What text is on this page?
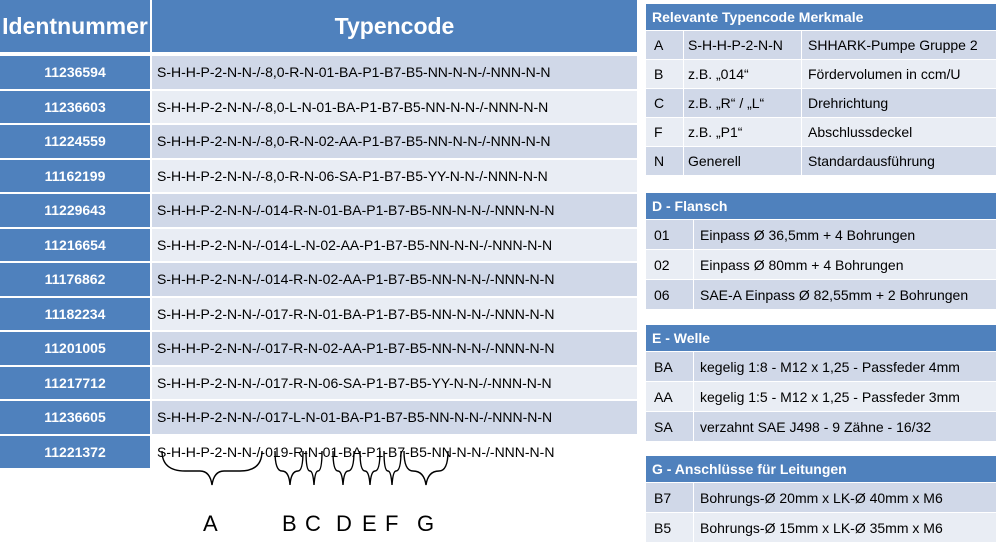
Identnummer	Typencode
11236594	S-H-H-P-2-N-N-/-8,0-R-N-01-BA-P1-B7-B5-NN-N-N-/-NNN-N-N
11236603	S-H-H-P-2-N-N-/-8,0-L-N-01-BA-P1-B7-B5-NN-N-N-/-NNN-N-N
11224559	S-H-H-P-2-N-N-/-8,0-R-N-02-AA-P1-B7-B5-NN-N-N-/-NNN-N-N
11162199	S-H-H-P-2-N-N-/-8,0-R-N-06-SA-P1-B7-B5-YY-N-N-/-NNN-N-N
11229643	S-H-H-P-2-N-N-/-014-R-N-01-BA-P1-B7-B5-NN-N-N-/-NNN-N-N
11216654	S-H-H-P-2-N-N-/-014-L-N-02-AA-P1-B7-B5-NN-N-N-/-NNN-N-N
11176862	S-H-H-P-2-N-N-/-014-R-N-02-AA-P1-B7-B5-NN-N-N-/-NNN-N-N
11182234	S-H-H-P-2-N-N-/-017-R-N-01-BA-P1-B7-B5-NN-N-N-/-NNN-N-N
11201005	S-H-H-P-2-N-N-/-017-R-N-02-AA-P1-B7-B5-NN-N-N-/-NNN-N-N
11217712	S-H-H-P-2-N-N-/-017-R-N-06-SA-P1-B7-B5-YY-N-N-/-NNN-N-N
11236605	S-H-H-P-2-N-N-/-017-L-N-01-BA-P1-B7-B5-NN-N-N-/-NNN-N-N
11221372	S-H-H-P-2-N-N-/-019-R-N-01-BA-P1-B7-B5-NN-N-N-/-NNN-N-N
A	B C D E F G
Relevante Typencode Merkmale
A	S-H-H-P-2-N-N	SHHARK-Pumpe Gruppe 2
B	z.B. „014“	Fördervolumen in ccm/U
C	z.B. „R“ / „L“	Drehrichtung
F	z.B. „P1“	Abschlussdeckel
N	Generell	Standardausführung
D - Flansch
01	Einpass Ø 36,5mm + 4 Bohrungen
02	Einpass Ø 80mm + 4 Bohrungen
06	SAE-A Einpass Ø 82,55mm + 2 Bohrungen
E - Welle
BA	kegelig 1:8 - M12 x 1,25 - Passfeder 4mm
AA	kegelig 1:5 - M12 x 1,25 - Passfeder 3mm
SA	verzahnt SAE J498 - 9 Zähne - 16/32
G - Anschlüsse für Leitungen
B7	Bohrungs-Ø 20mm x LK-Ø 40mm x M6
B5	Bohrungs-Ø 15mm x LK-Ø 35mm x M6
